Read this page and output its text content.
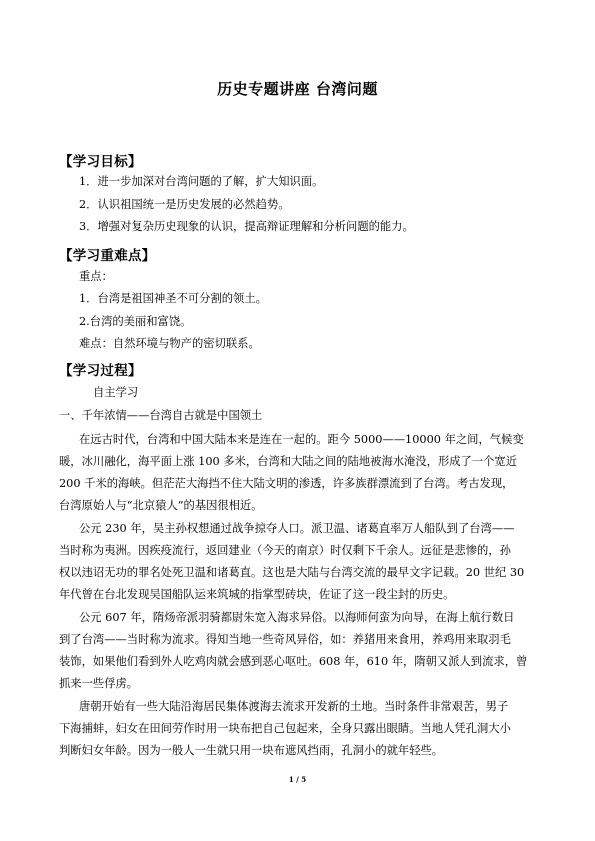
历史专题讲座 台湾问题
【学习目标】
1．进一步加深对台湾问题的了解，扩大知识面。
2．认识祖国统一是历史发展的必然趋势。
3．增强对复杂历史现象的认识，提高辩证理解和分析问题的能力。
【学习重难点】
重点：
1．台湾是祖国神圣不可分割的领土。
2.台湾的美丽和富饶。
难点：自然环境与物产的密切联系。
【学习过程】
自主学习
一、千年浓情——台湾自古就是中国领土
在远古时代，台湾和中国大陆本来是连在一起的。距今 5000——10000 年之间，气候变
暖，冰川融化，海平面上涨 100 多米，台湾和大陆之间的陆地被海水淹没，形成了一个宽近
200 千米的海峡。但茫茫大海挡不住大陆文明的渗透，许多族群漂流到了台湾。考古发现，
台湾原始人与“北京猿人”的基因很相近。
公元 230 年，吴主孙权想通过战争掠夺人口。派卫温、诸葛直率万人船队到了台湾——
当时称为夷洲。因疾疫流行，返回建业（今天的南京）时仅剩下千余人。远征是悲惨的，孙
权以违诏无功的罪名处死卫温和诸葛直。这也是大陆与台湾交流的最早文字记载。20 世纪 30
年代曾在台北发现吴国船队运来筑城的指掌型砖块，佐证了这一段尘封的历史。
公元 607 年，隋炀帝派羽骑都尉朱宽入海求异俗。以海师何蛮为向导，在海上航行数日
到了台湾——当时称为流求。得知当地一些奇风异俗，如：养猪用来食用，养鸡用来取羽毛
装饰，如果他们看到外人吃鸡肉就会感到恶心呕吐。608 年，610 年，隋朝又派人到流求，曾
抓来一些俘虏。
唐朝开始有一些大陆沿海居民集体渡海去流求开发新的土地。当时条件非常艰苦，男子
下海捕蚌，妇女在田间劳作时用一块布把自己包起来，全身只露出眼睛。当地人凭孔洞大小
判断妇女年龄。因为一般人一生就只用一块布遮风挡雨，孔洞小的就年轻些。
1 / 5
